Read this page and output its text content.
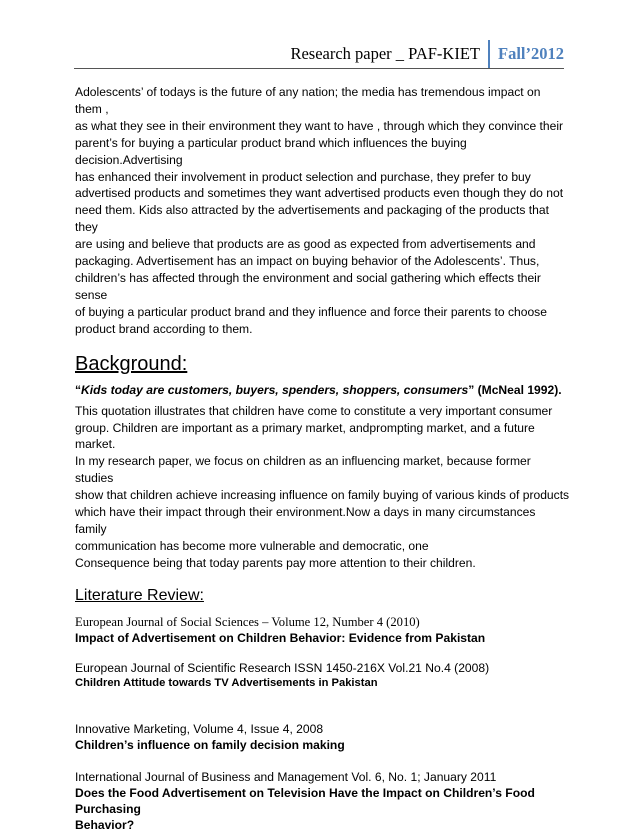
Research paper _ PAF-KIET	Fall’2012
Adolescents’ of todays is the future of any nation; the media has tremendous impact on them ,
as what they see in their environment they want to have , through which they convince their
parent’s for buying a particular product brand which influences the buying decision.Advertising
has enhanced their involvement in product selection and purchase, they prefer to buy
advertised products and sometimes they want advertised products even though they do not
need them. Kids also attracted by the advertisements and packaging of the products that they
are using and believe that products are as good as expected from advertisements and
packaging. Advertisement has an impact on buying behavior of the Adolescents’. Thus,
children’s has affected through the environment and social gathering which effects their sense
of buying a particular product brand and they influence and force their parents to choose
product brand according to them.
Background:
“Kids today are customers, buyers, spenders, shoppers, consumers” (McNeal 1992).
This quotation illustrates that children have come to constitute a very important consumer
group. Children are important as a primary market, andprompting market, and a future market.
In my research paper, we focus on children as an influencing market, because former studies
show that children achieve increasing influence on family buying of various kinds of products
which have their impact through their environment.Now a days in many circumstances family
communication has become more vulnerable and democratic, one
Consequence being that today parents pay more attention to their children.
Literature Review:
European Journal of Social Sciences – Volume 12, Number 4 (2010)
Impact of Advertisement on Children Behavior: Evidence from Pakistan
European Journal of Scientific Research ISSN 1450-216X Vol.21 No.4 (2008)
Children Attitude towards TV Advertisements in Pakistan
Innovative Marketing, Volume 4, Issue 4, 2008
Children’s influence on family decision making
International Journal of Business and Management Vol. 6, No. 1; January 2011
Does the Food Advertisement on Television Have the Impact on Children’s Food Purchasing
Behavior?
